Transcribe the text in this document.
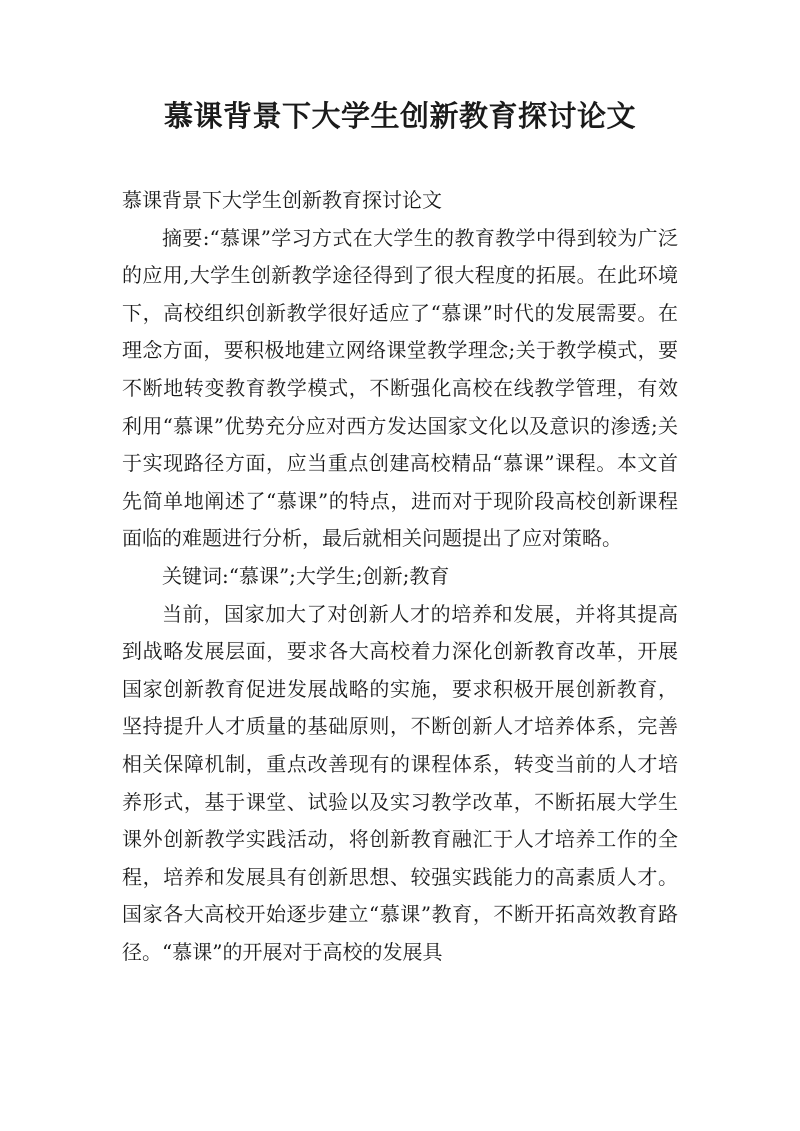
慕课背景下大学生创新教育探讨论文

慕课背景下大学生创新教育探讨论文

摘要:“慕课”学习方式在大学生的教育教学中得到较为广泛的应用,大学生创新教学途径得到了很大程度的拓展。在此环境下，高校组织创新教学很好适应了“慕课”时代的发展需要。在理念方面，要积极地建立网络课堂教学理念;关于教学模式，要不断地转变教育教学模式，不断强化高校在线教学管理，有效利用“慕课”优势充分应对西方发达国家文化以及意识的渗透;关于实现路径方面，应当重点创建高校精品“慕课”课程。本文首先简单地阐述了“慕课”的特点，进而对于现阶段高校创新课程面临的难题进行分析，最后就相关问题提出了应对策略。

关键词:“慕课”;大学生;创新;教育

当前，国家加大了对创新人才的培养和发展，并将其提高到战略发展层面，要求各大高校着力深化创新教育改革，开展国家创新教育促进发展战略的实施，要求积极开展创新教育，坚持提升人才质量的基础原则，不断创新人才培养体系，完善相关保障机制，重点改善现有的课程体系，转变当前的人才培养形式，基于课堂、试验以及实习教学改革，不断拓展大学生课外创新教学实践活动，将创新教育融汇于人才培养工作的全程，培养和发展具有创新思想、较强实践能力的高素质人才。国家各大高校开始逐步建立“慕课”教育，不断开拓高效教育路径。“慕课”的开展对于高校的发展具
